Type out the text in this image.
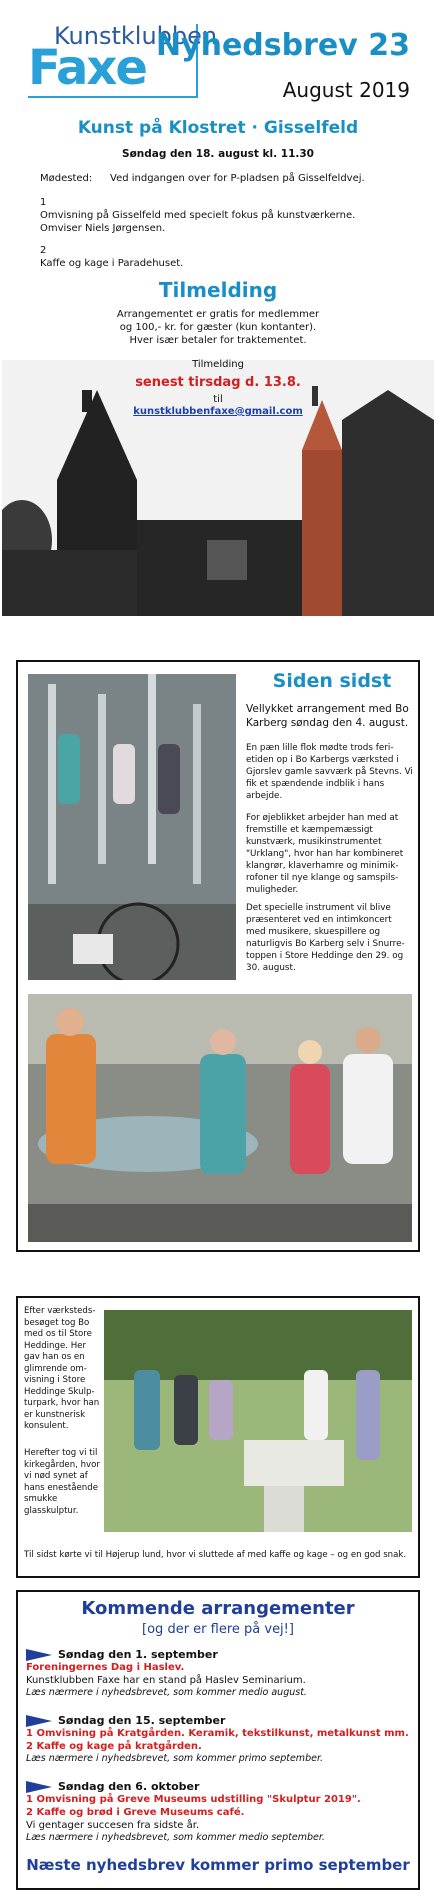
Kunstklubben
Faxe Nyhedsbrev 23
August 2019
Kunst på Klostret · Gisselfeld
Søndag den 18. august kl. 11.30
Mødested: Ved indgangen over for P-pladsen på Gisselfeldvej.
1
Omvisning på Gisselfeld med specielt fokus på kunstværkerne.
Omviser Niels Jørgensen.
2
Kaffe og kage i Paradehuset.
Tilmelding
Arrangementet er gratis for medlemmer
og 100,- kr. for gæster (kun kontanter).
Hver især betaler for traktementet.
Tilmelding
senest tirsdag d. 13.8.
til
kunstklubbenfaxe@gmail.com
Siden sidst
Vellykket arrangement med Bo Karberg søndag den 4. august.
En pæn lille flok mødte trods ferietiden op i Bo Karbergs værksted i Gjorslev gamle savværk på Stevns. Vi fik et spændende indblik i hans arbejde.
For øjeblikket arbejder han med at fremstille et kæmpemæssigt kunstværk, musikinstrumentet "Urklang", hvor han har kombineret klangrør, klaverhamre og minimikrofoner til nye klange og samspilsmuligheder.
Det specielle instrument vil blive præsenteret ved en intimkoncert med musikere, skuespillere og naturligvis Bo Karberg selv i Snurretoppen i Store Heddinge den 29. og 30. august.
Efter værkstedsbesøget tog Bo med os til Store Heddinge. Her gav han os en glimrende omvisning i Store Heddinge Skulpturpark, hvor han er kunstnerisk konsulent.
Herefter tog vi til kirkegården, hvor vi nød synet af hans enestående smukke glasskulptur.
Til sidst kørte vi til Højerup lund, hvor vi sluttede af med kaffe og kage – og en god snak.
Kommende arrangementer
[og der er flere på vej!]
Søndag den 1. september
Foreningernes Dag i Haslev.
Kunstklubben Faxe har en stand på Haslev Seminarium.
Læs nærmere i nyhedsbrevet, som kommer medio august.
Søndag den 15. september
1 Omvisning på Kratgården. Keramik, tekstilkunst, metalkunst mm.
2 Kaffe og kage på kratgården.
Læs nærmere i nyhedsbrevet, som kommer primo september.
Søndag den 6. oktober
1 Omvisning på Greve Museums udstilling "Skulptur 2019".
2 Kaffe og brød i Greve Museums café.
Vi gentager succesen fra sidste år.
Læs nærmere i nyhedsbrevet, som kommer medio september.
Næste nyhedsbrev kommer primo september
